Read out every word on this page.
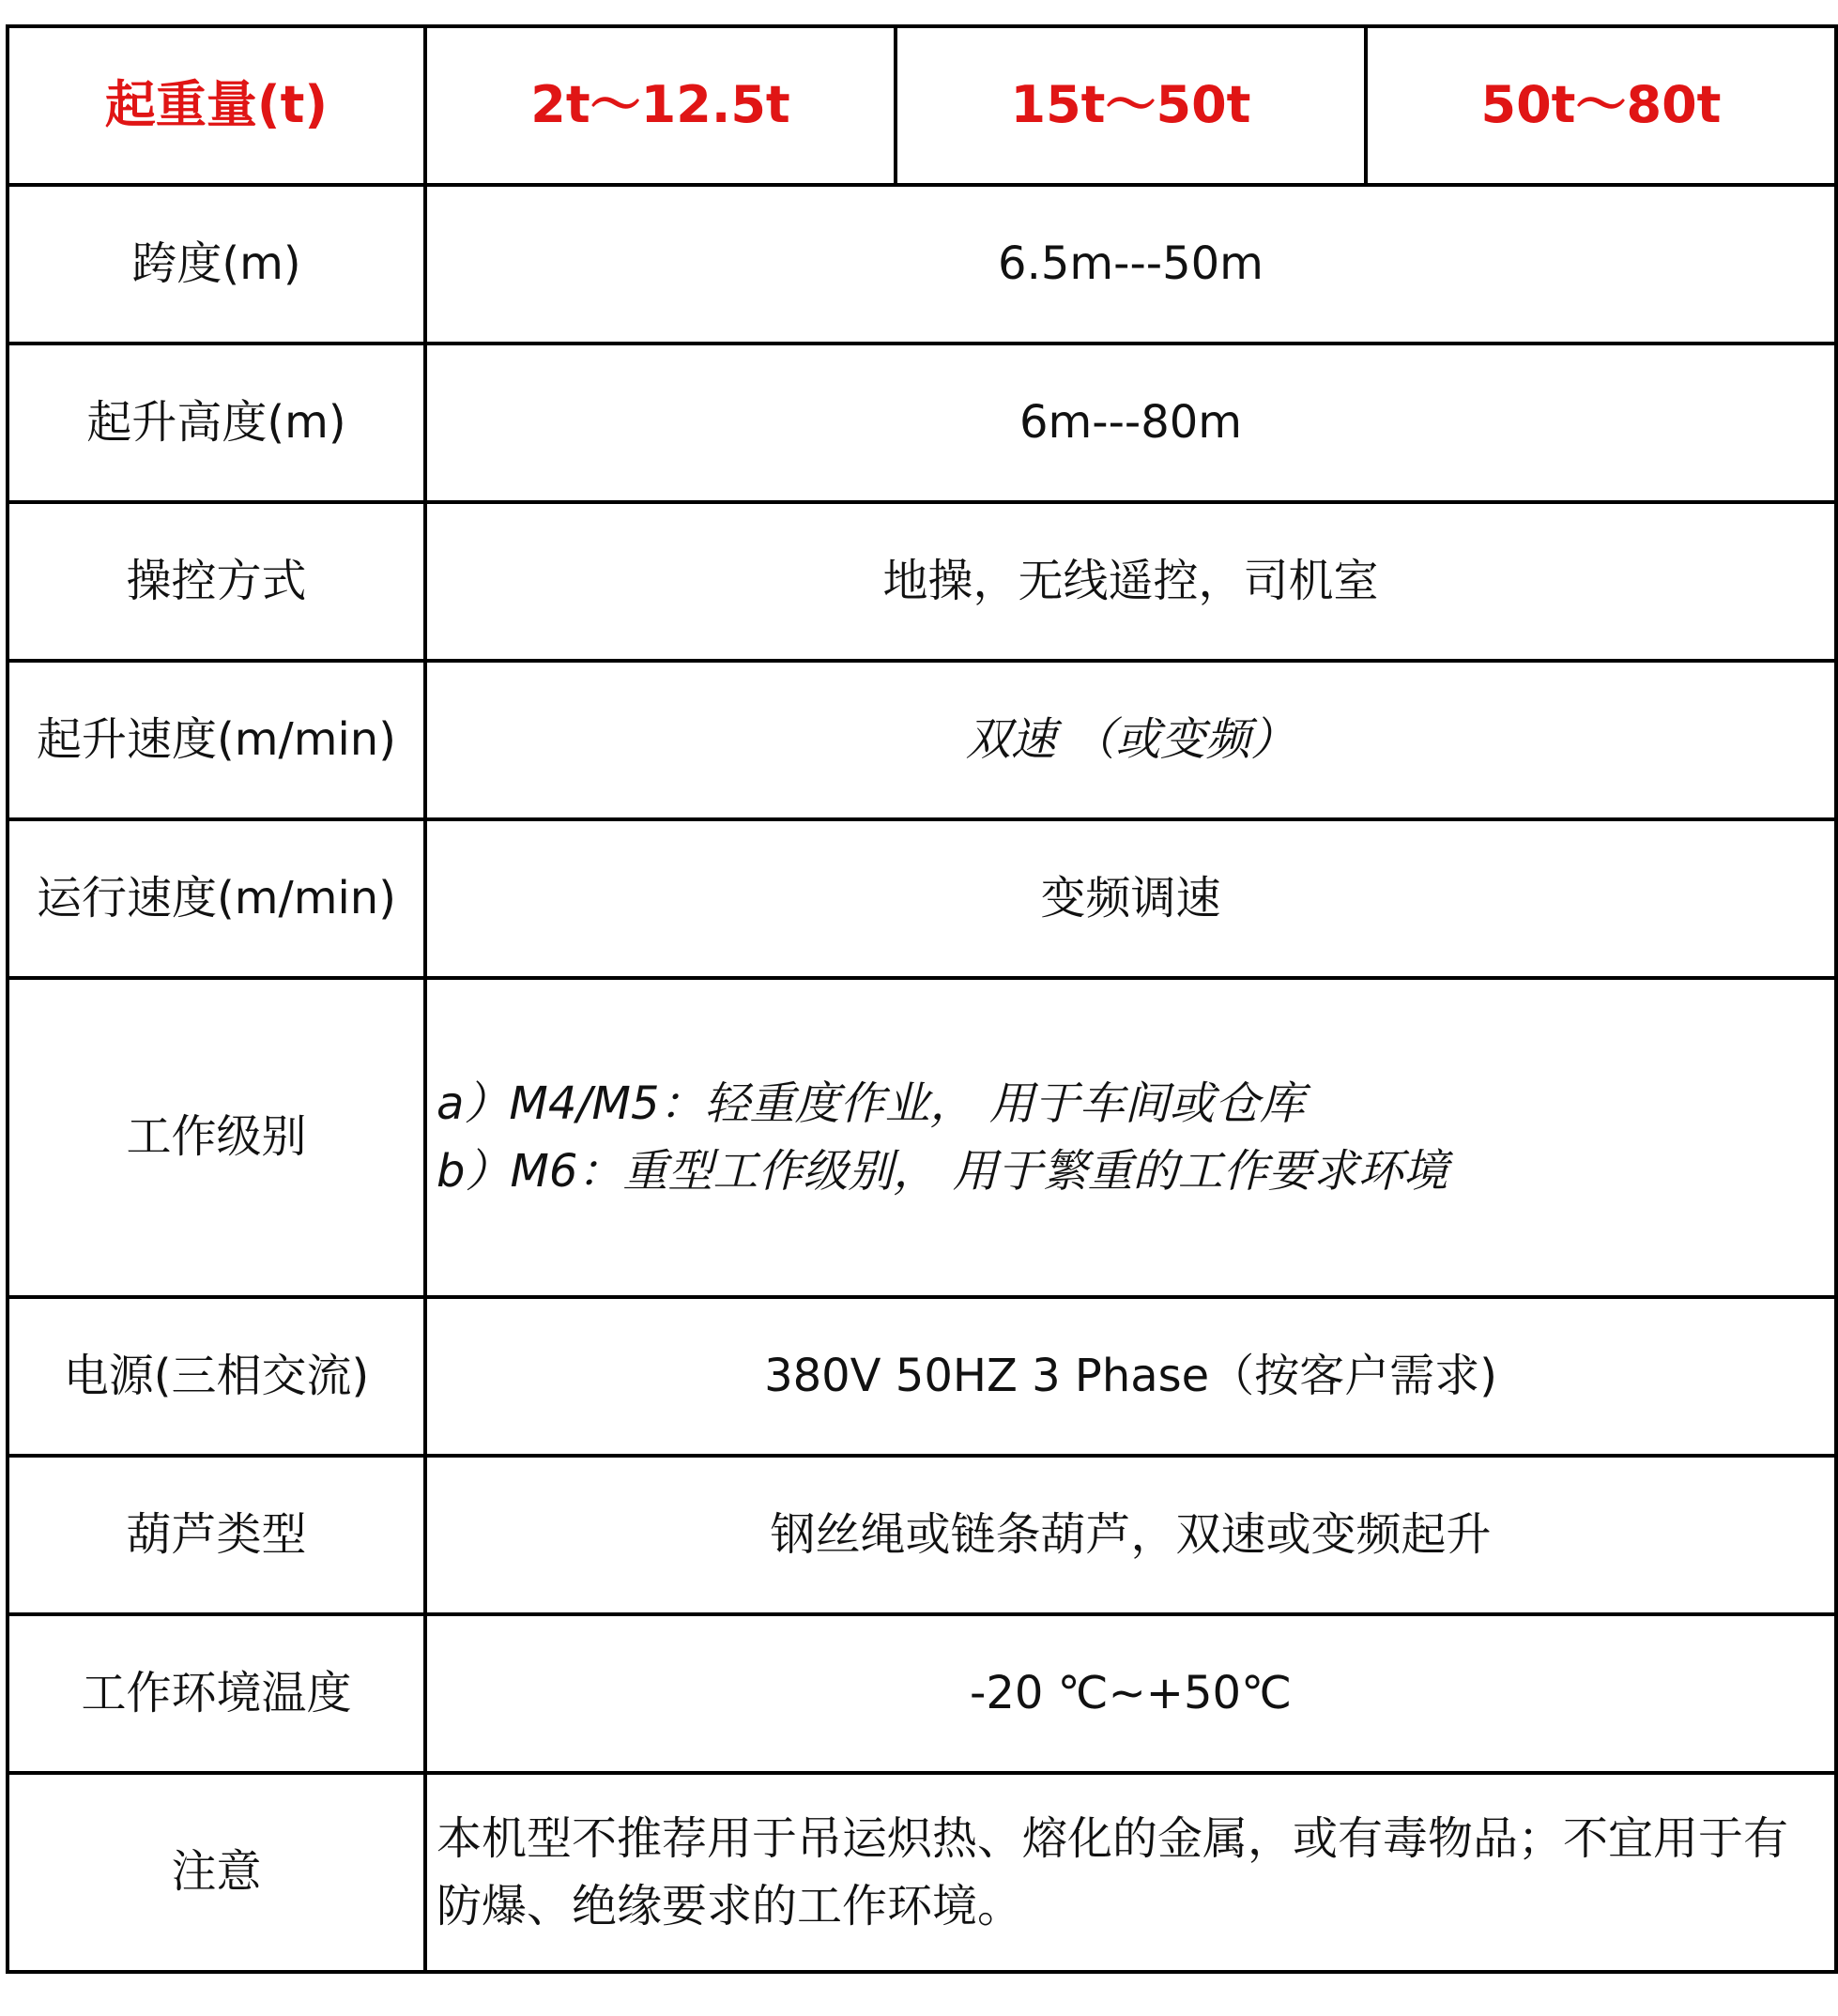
起重量(t)	2t～12.5t	15t～50t	50t～80t
跨度(m)	6.5m---50m		
起升高度(m)	6m---80m		
操控方式	地操，无线遥控，司机室		
起升速度(m/min)	双速 （或变频）		
运行速度(m/min)	变频调速		
工作级别	a）M4/M5：轻重度作业， 用于车间或仓库
b）M6：重型工作级别， 用于繁重的工作要求环境		

电源(三相交流)	380V 50HZ 3 Phase（按客户需求)		
葫芦类型	钢丝绳或链条葫芦，双速或变频起升		
工作环境温度	-20 ℃~+50℃		
注意	本机型不推荐用于吊运炽热、熔化的金属，或有毒物品；不宜用于有防爆、绝缘要求的工作环境。		
